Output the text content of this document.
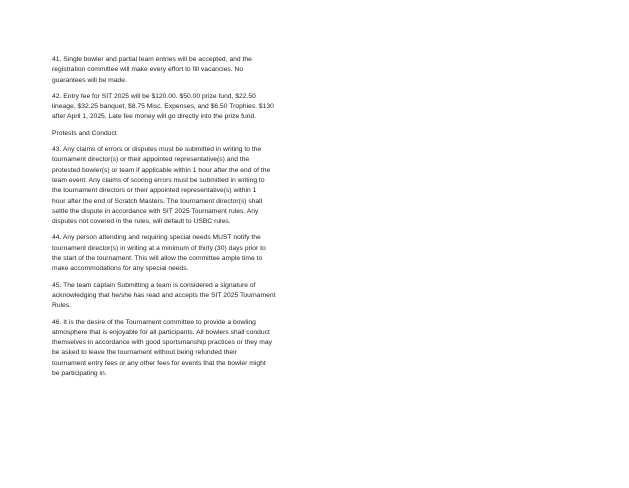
41. Single bowler and partial team entries will be accepted, and the
registration committee will make every effort to fill vacancies. No
guarantees will be made.

42. Entry fee for SIT 2025 will be $120.00. $50.00 prize fund, $22.50
lineage, $32.25 banquet, $8.75 Misc. Expenses, and $6.50 Trophies. $130
after April 1, 2025, Late fee money will go directly into the prize fund.

Protests and Conduct

43. Any claims of errors or disputes must be submitted in writing to the
tournament director(s) or their appointed representative(s) and the
protested bowler(s) or team if applicable within 1 hour after the end of the
team event. Any claims of scoring errors must be submitted in writing to
the tournament directors or their appointed representative(s) within 1
hour after the end of Scratch Masters. The tournament director(s) shall
settle the dispute in accordance with SIT 2025 Tournament rules. Any
disputes not covered in the rules, will default to USBC rules.

44. Any person attending and requiring special needs MUST notify the
tournament director(s) in writing at a minimum of thirty (30) days prior to
the start of the tournament. This will allow the committee ample time to
make accommodations for any special needs.

45. The team captain Submitting a team is considered a signature of
acknowledging that he/she has read and accepts the SIT 2025 Tournament
Rules.

46. It is the desire of the Tournament committee to provide a bowling
atmosphere that is enjoyable for all participants. All bowlers shall conduct
themselves in accordance with good sportsmanship practices or they may
be asked to leave the tournament without being refunded their
tournament entry fees or any other fees for events that the bowler might
be participating in.
